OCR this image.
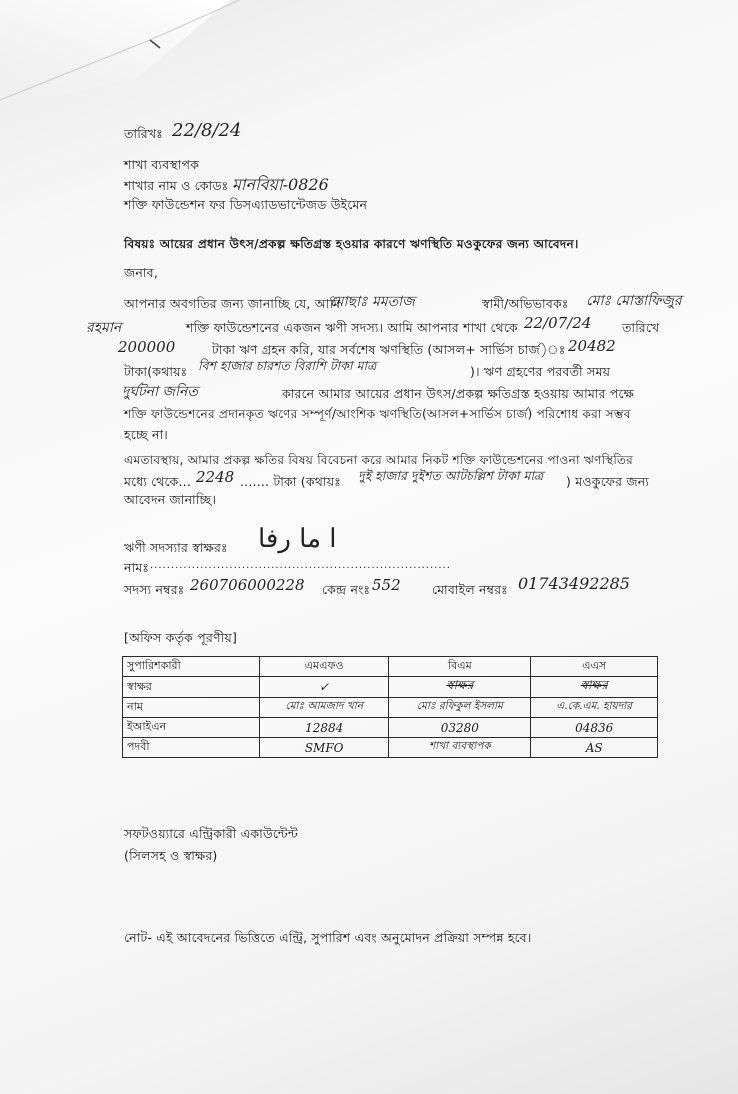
তারিখঃ 22/8/24
শাখা ব্যবস্থাপক
শাখার নাম ও কোডঃ মানবিয়া-0826
শক্তি ফাউন্ডেশন ফর ডিসএ্যাডভান্টেজড উইমেন
বিষয়ঃ আয়ের প্রধান উৎস/প্রকল্প ক্ষতিগ্রস্ত হওয়ার কারণে ঋণস্থিতি মওকুফের জন্য আবেদন।
জনাব,
আপনার অবগতির জন্য জানাচ্ছি যে, আমি
মোছাঃ মমতাজ	স্বামী/অভিভাবকঃ মোঃ মোস্তাফিজুর
রহমান	শক্তি ফাউন্ডেশনের একজন ঋণী সদস্য। আমি আপনার শাখা থেকে 22/07/24 তারিখে
200000	টাকা ঋণ গ্রহন করি, যার সর্বশেষ ঋণস্থিতি (আসল+ সার্ভিস চার্জ)ঃ 20482
টাকা(কথায়ঃ বিশ হাজার চারশত বিরাশি টাকা মাত্র	)। ঋণ গ্রহণের পরবর্তী সময়
দুর্ঘটনা জনিত	কারনে আমার আয়ের প্রধান উৎস/প্রকল্প ক্ষতিগ্রস্ত হওয়ায় আমার পক্ষে
শক্তি ফাউন্ডেশনের প্রদানকৃত ঋণের সম্পূর্ণ/আংশিক ঋণস্থিতি(আসল+সার্ভিস চার্জ) পরিশোধ করা সম্ভব
হচ্ছে না।
এমতাবস্থায়, আমার প্রকল্প ক্ষতির বিষয় বিবেচনা করে আমার নিকট শক্তি ফাউন্ডেশনের পাওনা ঋণস্থিতির
মধ্যে থেকে... 2248 ....... টাকা (কথায়ঃ দুই হাজার দুইশত আটচল্লিশ টাকা মাত্র ) মওকুফের জন্য
আবেদন জানাচ্ছি।
ঋণী সদস্যার স্বাক্ষরঃ ﺍ ﻣﺎ ﺭﻓﺎ
নামঃ ........................................................................
সদস্য নম্বরঃ 260706000228 কেন্দ্র নংঃ 552	মোবাইল নম্বরঃ 01743492285
[অফিস কর্তৃক পূরণীয়]
সুপারিশকারী	এমএফও	বিএম	এএস
স্বাক্ষর	✓	স্বাক্ষর	স্বাক্ষর
নাম	মোঃ আমজাদ খান	মোঃ রফিকুল ইসলাম	এ.কে.এম. হায়দার
ইআইএন	12884	03280	04836
পদবী	SMFO	শাখা ব্যবস্থাপক	AS
সফটওয়্যারে এন্ট্রিকারী একাউন্টেন্ট
(সিলসহ ও স্বাক্ষর)
নোট- এই আবেদনের ভিত্তিতে এন্ট্রি, সুপারিশ এবং অনুমোদন প্রক্রিয়া সম্পন্ন হবে।
